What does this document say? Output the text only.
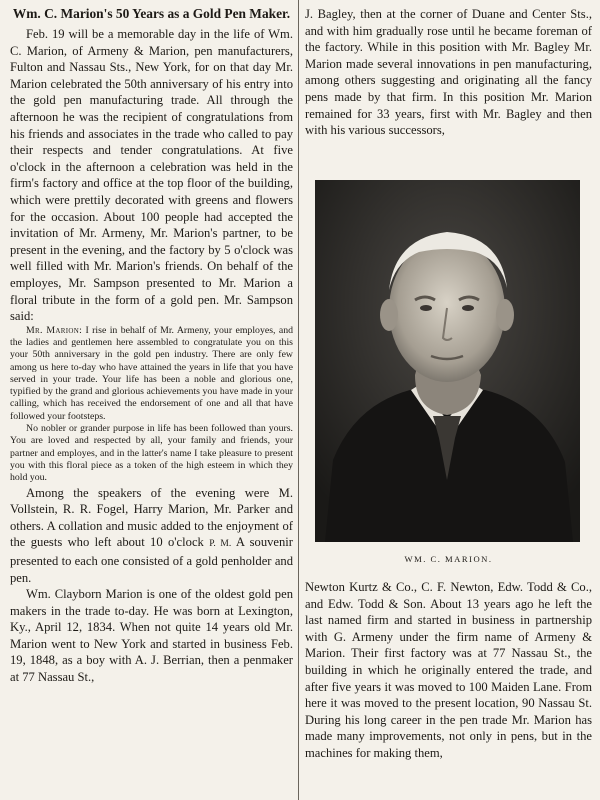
Wm. C. Marion's 50 Years as a Gold Pen Maker.

Feb. 19 will be a memorable day in the life of Wm. C. Marion, of Armeny & Marion, pen manufacturers, Fulton and Nassau Sts., New York, for on that day Mr. Marion celebrated the 50th anniversary of his entry into the gold pen manufacturing trade. All through the afternoon he was the recipient of congratulations from his friends and associates in the trade who called to pay their respects and tender congratulations. At five o'clock in the afternoon a celebration was held in the firm's factory and office at the top floor of the building, which were prettily decorated with greens and flowers for the occasion. About 100 people had accepted the invitation of Mr. Armeny, Mr. Marion's partner, to be present in the evening, and the factory by 5 o'clock was well filled with Mr. Marion's friends. On behalf of the employes, Mr. Sampson presented to Mr. Marion a floral tribute in the form of a gold pen. Mr. Sampson said:

Mr. Marion: I rise in behalf of Mr. Armeny, your employes, and the ladies and gentlemen here assembled to congratulate you on this your 50th anniversary in the gold pen industry. There are only few among us here to-day who have attained the years in life that you have served in your trade. Your life has been a noble and glorious one, typified by the grand and glorious achievements you have made in your calling, which has received the endorsement of one and all that have followed your footsteps.

No nobler or grander purpose in life has been followed than yours. You are loved and respected by all, your family and friends, your partner and employes, and in the latter's name I take pleasure to present you with this floral piece as a token of the high esteem in which they hold you.

Among the speakers of the evening were M. Vollstein, R. R. Fogel, Harry Marion, Mr. Parker and others. A collation and music added to the enjoyment of the guests who left about 10 o'clock P. M. A souvenir presented to each one consisted of a gold penholder and pen.

Wm. Clayborn Marion is one of the oldest gold pen makers in the trade to-day. He was born at Lexington, Ky., April 12, 1834. When not quite 14 years old Mr. Marion went to New York and started in business Feb. 19, 1848, as a boy with A. J. Berrian, then a penmaker at 77 Nassau St.,

J. Bagley, then at the corner of Duane and Center Sts., and with him gradually rose until he became foreman of the factory. While in this position with Mr. Bagley Mr. Marion made several innovations in pen manufacturing, among others suggesting and originating all the fancy pens made by that firm. In this position Mr. Marion remained for 33 years, first with Mr. Bagley and then with his various successors,

WM. C. MARION.

Newton Kurtz & Co., C. F. Newton, Edw. Todd & Co., and Edw. Todd & Son. About 13 years ago he left the last named firm and started in business in partnership with G. Armeny under the firm name of Armeny & Marion. Their first factory was at 77 Nassau St., the building in which he originally entered the trade, and after five years it was moved to 100 Maiden Lane. From here it was moved to the present location, 90 Nassau St. During his long career in the pen trade Mr. Marion has made many improvements, not only in pens, but in the machines for making them,
